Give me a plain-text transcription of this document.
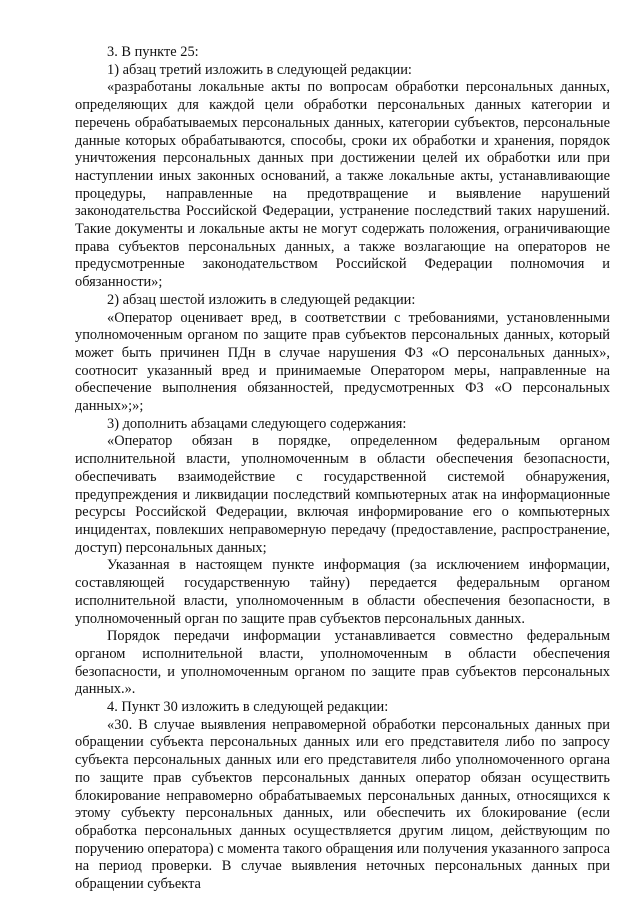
3. В пункте 25:

1) абзац третий изложить в следующей редакции:

«разработаны локальные акты по вопросам обработки персональных данных, определяющих для каждой цели обработки персональных данных категории и перечень обрабатываемых персональных данных, категории субъектов, персональные данные которых обрабатываются, способы, сроки их обработки и хранения, порядок уничтожения персональных данных при достижении целей их обработки или при наступлении иных законных оснований, а также локальные акты, устанавливающие процедуры, направленные на предотвращение и выявление нарушений законодательства Российской Федерации, устранение последствий таких нарушений. Такие документы и локальные акты не могут содержать положения, ограничивающие права субъектов персональных данных, а также возлагающие на операторов не предусмотренные законодательством Российской Федерации полномочия и обязанности»;

2) абзац шестой изложить в следующей редакции:

«Оператор оценивает вред, в соответствии с требованиями, установленными уполномоченным органом по защите прав субъектов персональных данных, который может быть причинен ПДн в случае нарушения ФЗ «О персональных данных», соотносит указанный вред и принимаемые Оператором меры, направленные на обеспечение выполнения обязанностей, предусмотренных ФЗ «О персональных данных»;»;

3) дополнить абзацами следующего содержания:

«Оператор обязан в порядке, определенном федеральным органом исполнительной власти, уполномоченным в области обеспечения безопасности, обеспечивать взаимодействие с государственной системой обнаружения, предупреждения и ликвидации последствий компьютерных атак на информационные ресурсы Российской Федерации, включая информирование его о компьютерных инцидентах, повлекших неправомерную передачу (предоставление, распространение, доступ) персональных данных;

Указанная в настоящем пункте информация (за исключением информации, составляющей государственную тайну) передается федеральным органом исполнительной власти, уполномоченным в области обеспечения безопасности, в уполномоченный орган по защите прав субъектов персональных данных.

Порядок передачи информации устанавливается совместно федеральным органом исполнительной власти, уполномоченным в области обеспечения безопасности, и уполномоченным органом по защите прав субъектов персональных данных.».

4. Пункт 30 изложить в следующей редакции:

«30. В случае выявления неправомерной обработки персональных данных при обращении субъекта персональных данных или его представителя либо по запросу субъекта персональных данных или его представителя либо уполномоченного органа по защите прав субъектов персональных данных оператор обязан осуществить блокирование неправомерно обрабатываемых персональных данных, относящихся к этому субъекту персональных данных, или обеспечить их блокирование (если обработка персональных данных осуществляется другим лицом, действующим по поручению оператора) с момента такого обращения или получения указанного запроса на период проверки. В случае выявления неточных персональных данных при обращении субъекта
